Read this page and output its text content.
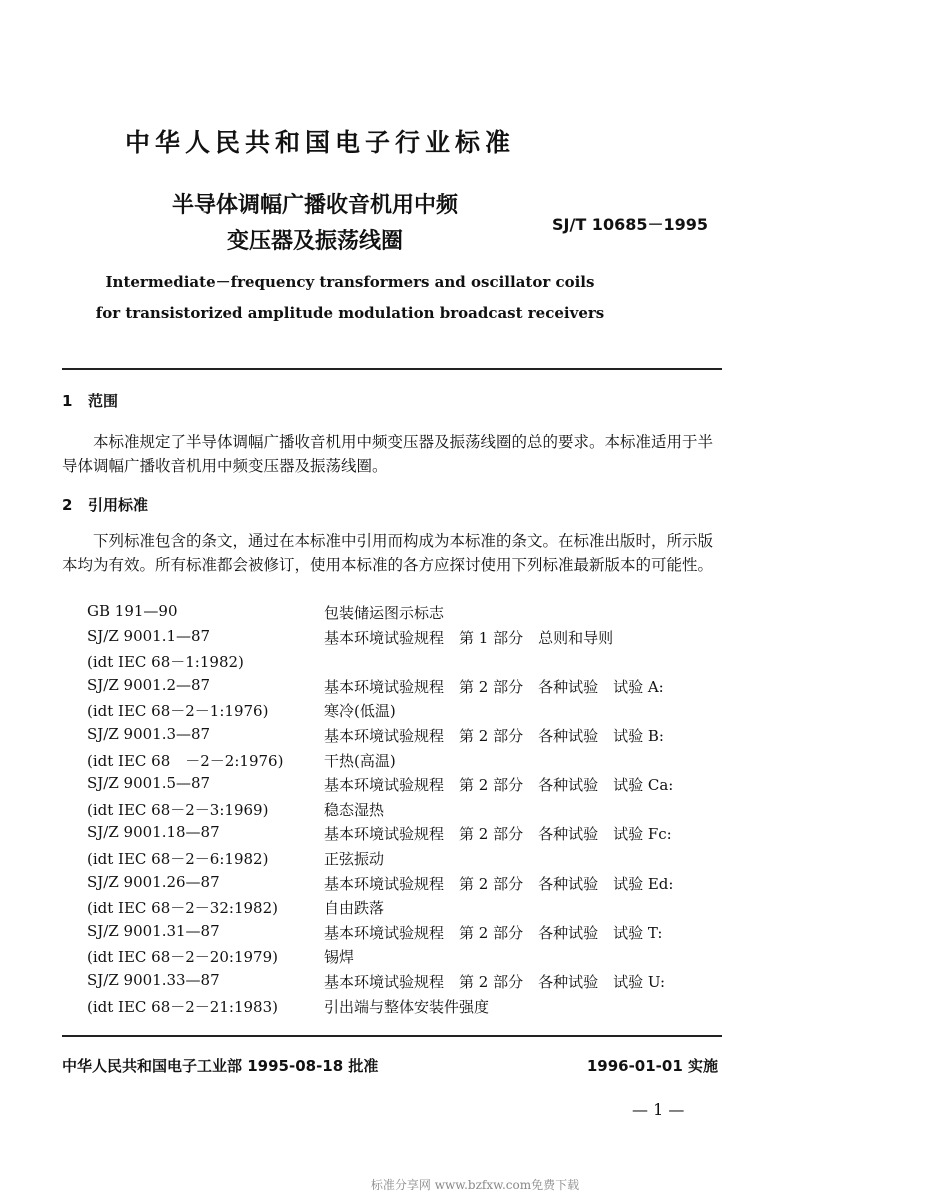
中华人民共和国电子行业标准
半导体调幅广播收音机用中频
变压器及振荡线圈
SJ/T 10685－1995
Intermediate－frequency transformers and oscillator coils
for transistorized amplitude modulation broadcast receivers
1 范围

本标准规定了半导体调幅广播收音机用中频变压器及振荡线圈的总的要求。本标准适用于半导体调幅广播收音机用中频变压器及振荡线圈。

2 引用标准

下列标准包含的条文，通过在本标准中引用而构成为本标准的条文。在标准出版时，所示版本均为有效。所有标准都会被修订，使用本标准的各方应探讨使用下列标准最新版本的可能性。

GB 191—90	包装储运图示标志
SJ/Z 9001.1—87	基本环境试验规程　第 1 部分　总则和导则
(idt IEC 68－1:1982)	
SJ/Z 9001.2—87	基本环境试验规程　第 2 部分　各种试验　试验 A:
(idt IEC 68－2－1:1976)	寒冷(低温)
SJ/Z 9001.3—87	基本环境试验规程　第 2 部分　各种试验　试验 B:
(idt IEC 68　－2－2:1976)	干热(高温)
SJ/Z 9001.5—87	基本环境试验规程　第 2 部分　各种试验　试验 Ca:
(idt IEC 68－2－3:1969)	稳态湿热
SJ/Z 9001.18—87	基本环境试验规程　第 2 部分　各种试验　试验 Fc:
(idt IEC 68－2－6:1982)	正弦振动
SJ/Z 9001.26—87	基本环境试验规程　第 2 部分　各种试验　试验 Ed:
(idt IEC 68－2－32:1982)	自由跌落
SJ/Z 9001.31—87	基本环境试验规程　第 2 部分　各种试验　试验 T:
(idt IEC 68－2－20:1979)	锡焊
SJ/Z 9001.33—87	基本环境试验规程　第 2 部分　各种试验　试验 U:
(idt IEC 68－2－21:1983)	引出端与整体安装件强度
中华人民共和国电子工业部 1995-08-18 批准	1996-01-01 实施
— 1 —
标准分享网 www.bzfxw.com免费下载
